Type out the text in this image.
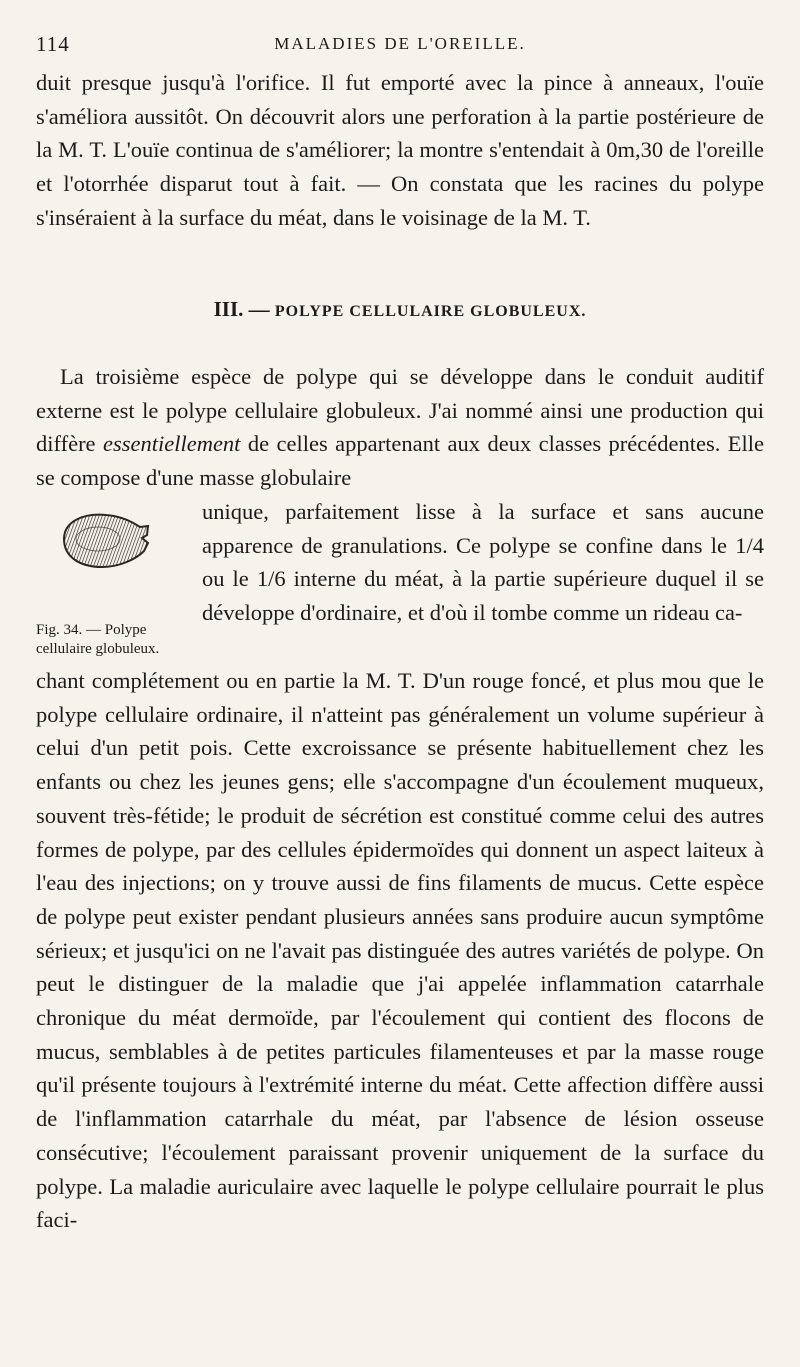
114	MALADIES DE L'OREILLE.

duit presque jusqu'à l'orifice. Il fut emporté avec la pince à anneaux, l'ouïe s'améliora aussitôt. On découvrit alors une perforation à la partie postérieure de la M. T. L'ouïe continua de s'améliorer; la montre s'entendait à 0m,30 de l'oreille et l'otorrhée disparut tout à fait. — On constata que les racines du polype s'inséraient à la surface du méat, dans le voisinage de la M. T.

III. — POLYPE CELLULAIRE GLOBULEUX.

La troisième espèce de polype qui se développe dans le conduit auditif externe est le polype cellulaire globuleux. J'ai nommé ainsi une production qui diffère essentiellement de celles appartenant aux deux classes précédentes. Elle se compose d'une masse globulaire

Fig. 34. — Polype cellulaire globuleux.

unique, parfaitement lisse à la surface et sans aucune apparence de granulations. Ce polype se confine dans le 1/4 ou le 1/6 interne du méat, à la partie supérieure duquel il se développe d'ordinaire, et d'où il tombe comme un rideau ca-

chant complétement ou en partie la M. T. D'un rouge foncé, et plus mou que le polype cellulaire ordinaire, il n'atteint pas généralement un volume supérieur à celui d'un petit pois. Cette excroissance se présente habituellement chez les enfants ou chez les jeunes gens; elle s'accompagne d'un écoulement muqueux, souvent très-fétide; le produit de sécrétion est constitué comme celui des autres formes de polype, par des cellules épidermoïdes qui donnent un aspect laiteux à l'eau des injections; on y trouve aussi de fins filaments de mucus. Cette espèce de polype peut exister pendant plusieurs années sans produire aucun symptôme sérieux; et jusqu'ici on ne l'avait pas distinguée des autres variétés de polype. On peut le distinguer de la maladie que j'ai appelée inflammation catarrhale chronique du méat dermoïde, par l'écoulement qui contient des flocons de mucus, semblables à de petites particules filamenteuses et par la masse rouge qu'il présente toujours à l'extrémité interne du méat. Cette affection diffère aussi de l'inflammation catarrhale du méat, par l'absence de lésion osseuse consécutive; l'écoulement paraissant provenir uniquement de la surface du polype. La maladie auriculaire avec laquelle le polype cellulaire pourrait le plus faci-
